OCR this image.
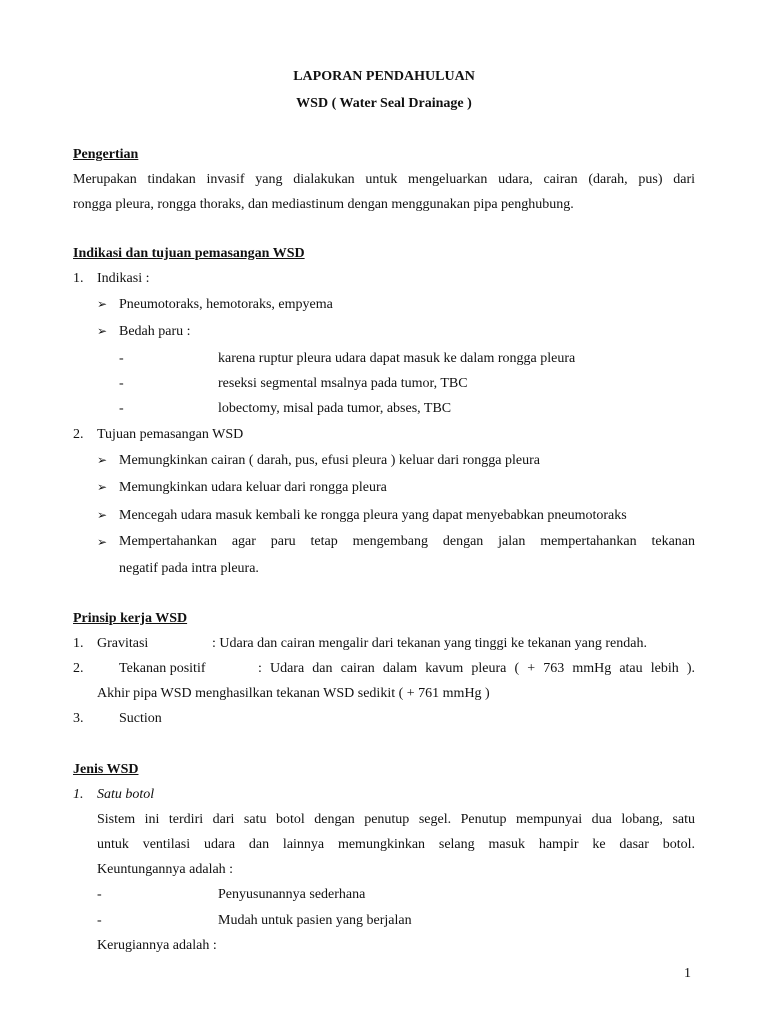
LAPORAN PENDAHULUAN
WSD ( Water Seal Drainage )
Pengertian
Merupakan tindakan invasif yang dialakukan untuk mengeluarkan udara, cairan (darah, pus) dari
rongga pleura, rongga thoraks, dan mediastinum dengan menggunakan pipa penghubung.
Indikasi dan tujuan pemasangan WSD
1. Indikasi :
➢ Pneumotoraks, hemotoraks, empyema
➢ Bedah paru :
-	karena ruptur pleura udara dapat masuk ke dalam rongga pleura
-	reseksi segmental msalnya pada tumor, TBC
-	lobectomy, misal pada tumor, abses, TBC
2. Tujuan pemasangan WSD
➢ Memungkinkan cairan ( darah, pus, efusi pleura ) keluar dari rongga pleura
➢ Memungkinkan udara keluar dari rongga pleura
➢ Mencegah udara masuk kembali ke rongga pleura yang dapat menyebabkan pneumotoraks
➢ Mempertahankan agar paru tetap mengembang dengan jalan mempertahankan tekanan
negatif pada intra pleura.
Prinsip kerja WSD
1. Gravitasi	: Udara dan cairan mengalir dari tekanan yang tinggi ke tekanan yang rendah.
2.	Tekanan positif	: Udara dan cairan dalam kavum pleura ( + 763 mmHg atau lebih ).
Akhir pipa WSD menghasilkan tekanan WSD sedikit ( + 761 mmHg )
3.	Suction
Jenis WSD
1. Satu botol
Sistem ini terdiri dari satu botol dengan penutup segel. Penutup mempunyai dua lobang, satu
untuk ventilasi udara dan lainnya memungkinkan selang masuk hampir ke dasar botol.
Keuntungannya adalah :
-	Penyusunannya sederhana
-	Mudah untuk pasien yang berjalan
Kerugiannya adalah :
1
